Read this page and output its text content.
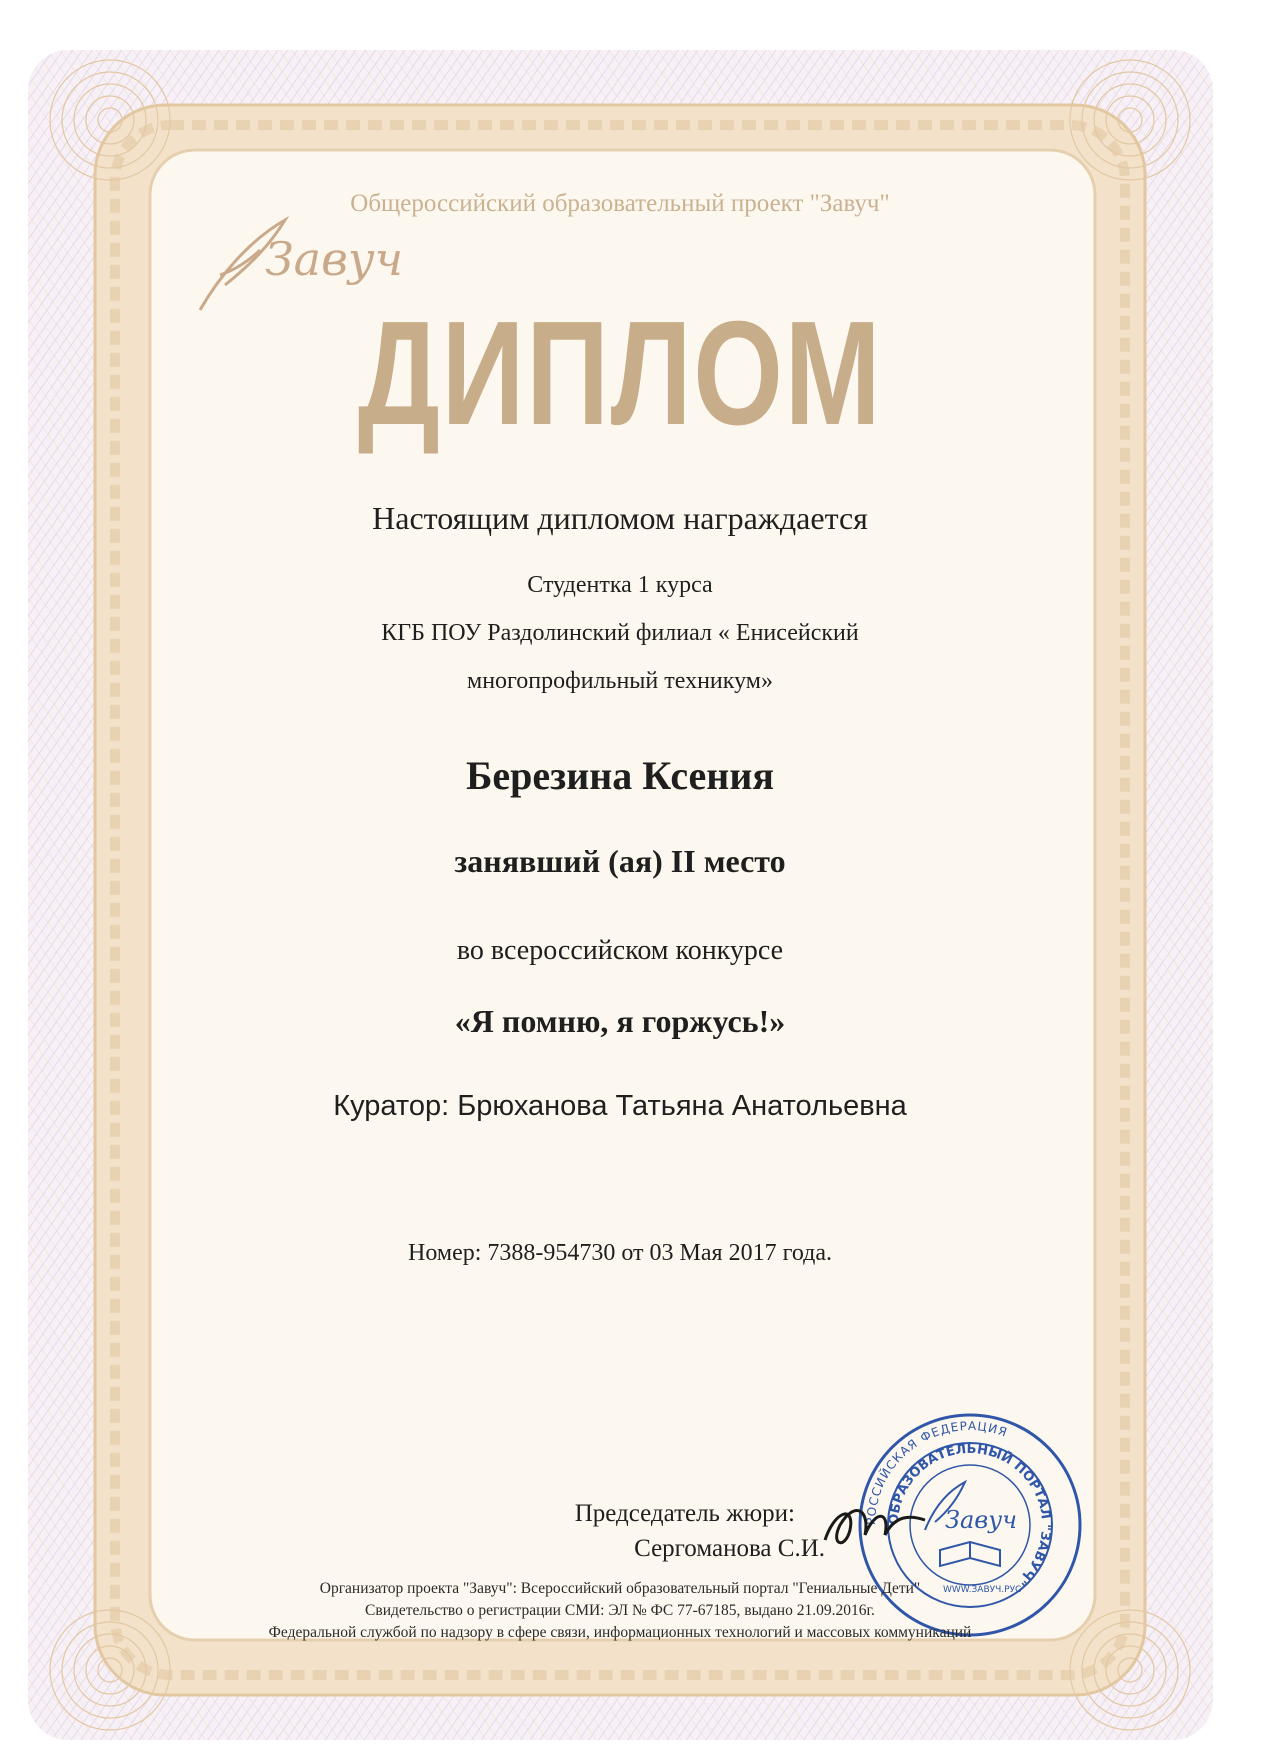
Завуч
Общероссийский образовательный проект "Завуч"
ДИПЛОМ
Настоящим дипломом награждается
Студентка 1 курса
КГБ ПОУ Раздолинский филиал « Енисейский
многопрофильный техникум»
Березина Ксения
занявший (ая) II место
во всероссийском конкурсе
«Я помню, я горжусь!»
Куратор: Брюханова Татьяна Анатольевна
Номер: 7388-954730 от 03 Мая 2017 года.
Председатель жюри:
Сергоманова С.И.
РОССИЙСКАЯ ФЕДЕРАЦИЯ
ОБРАЗОВАТЕЛЬНЫЙ ПОРТАЛ "ЗАВУЧ"
Завуч
WWW.ЗАВУЧ.РУС
Организатор проекта "Завуч": Всероссийский образовательный портал "Гениальные Дети"
Свидетельство о регистрации СМИ: ЭЛ № ФС 77-67185, выдано 21.09.2016г.
Федеральной службой по надзору в сфере связи, информационных технологий и массовых коммуникаций
